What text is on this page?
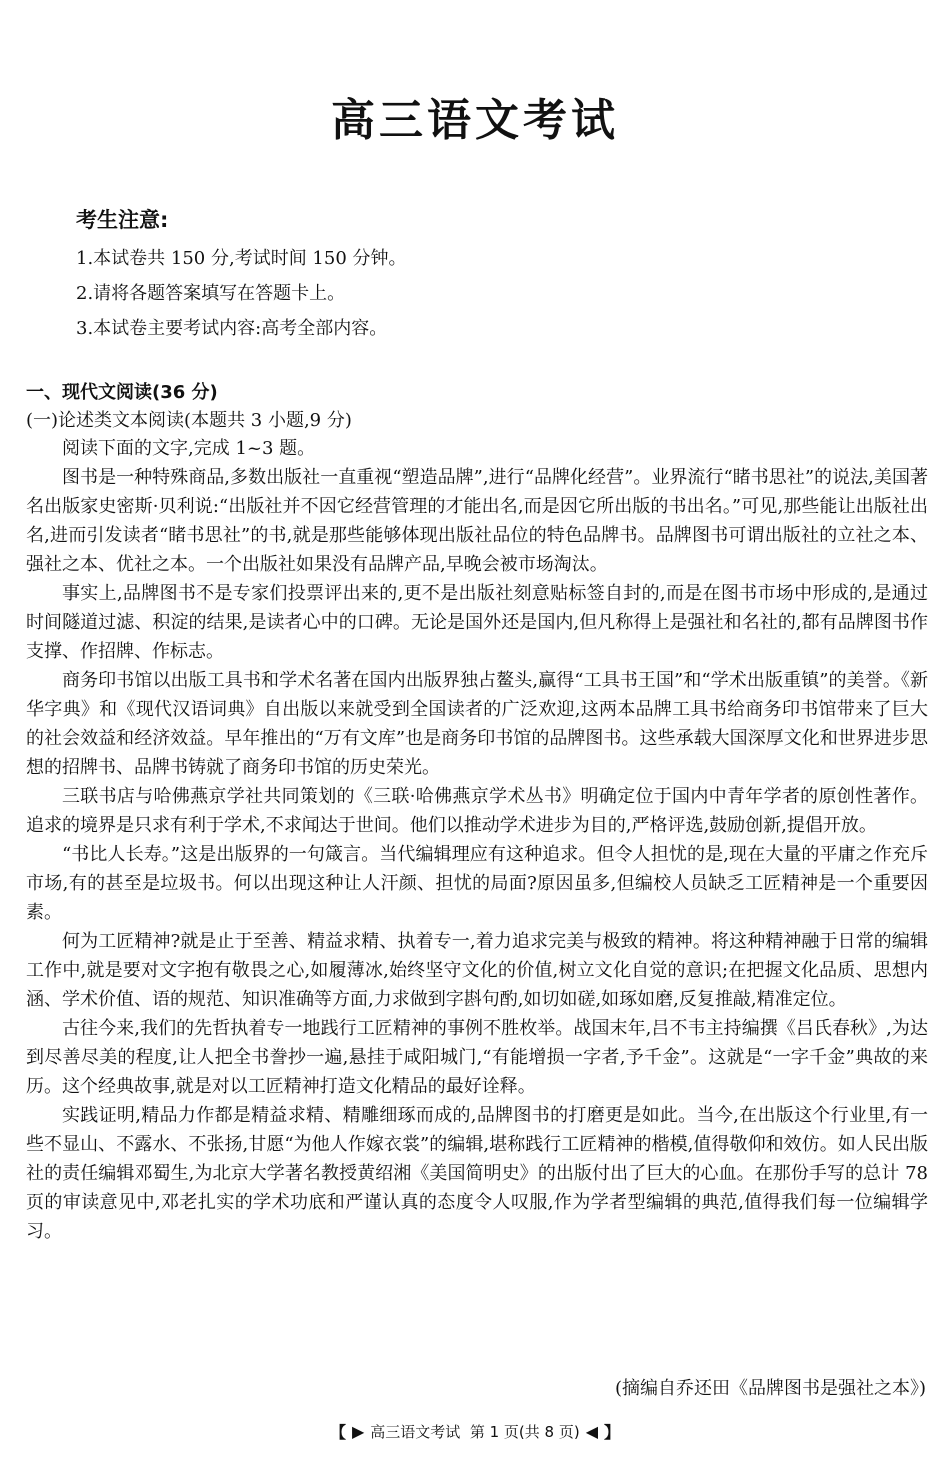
高三语文考试
考生注意:
1.本试卷共 150 分,考试时间 150 分钟。
2.请将各题答案填写在答题卡上。
3.本试卷主要考试内容:高考全部内容。
一、现代文阅读(36 分)
(一)论述类文本阅读(本题共 3 小题,9 分)
阅读下面的文字,完成 1~3 题。

图书是一种特殊商品,多数出版社一直重视“塑造品牌”,进行“品牌化经营”。业界流行“睹书思社”的说法,美国著名出版家史密斯·贝利说:“出版社并不因它经营管理的才能出名,而是因它所出版的书出名。”可见,那些能让出版社出名,进而引发读者“睹书思社”的书,就是那些能够体现出版社品位的特色品牌书。品牌图书可谓出版社的立社之本、强社之本、优社之本。一个出版社如果没有品牌产品,早晚会被市场淘汰。

事实上,品牌图书不是专家们投票评出来的,更不是出版社刻意贴标签自封的,而是在图书市场中形成的,是通过时间隧道过滤、积淀的结果,是读者心中的口碑。无论是国外还是国内,但凡称得上是强社和名社的,都有品牌图书作支撑、作招牌、作标志。

商务印书馆以出版工具书和学术名著在国内出版界独占鳌头,赢得“工具书王国”和“学术出版重镇”的美誉。《新华字典》和《现代汉语词典》自出版以来就受到全国读者的广泛欢迎,这两本品牌工具书给商务印书馆带来了巨大的社会效益和经济效益。早年推出的“万有文库”也是商务印书馆的品牌图书。这些承载大国深厚文化和世界进步思想的招牌书、品牌书铸就了商务印书馆的历史荣光。

三联书店与哈佛燕京学社共同策划的《三联·哈佛燕京学术丛书》明确定位于国内中青年学者的原创性著作。追求的境界是只求有利于学术,不求闻达于世间。他们以推动学术进步为目的,严格评选,鼓励创新,提倡开放。

“书比人长寿。”这是出版界的一句箴言。当代编辑理应有这种追求。但令人担忧的是,现在大量的平庸之作充斥市场,有的甚至是垃圾书。何以出现这种让人汗颜、担忧的局面?原因虽多,但编校人员缺乏工匠精神是一个重要因素。

何为工匠精神?就是止于至善、精益求精、执着专一,着力追求完美与极致的精神。将这种精神融于日常的编辑工作中,就是要对文字抱有敬畏之心,如履薄冰,始终坚守文化的价值,树立文化自觉的意识;在把握文化品质、思想内涵、学术价值、语的规范、知识准确等方面,力求做到字斟句酌,如切如磋,如琢如磨,反复推敲,精准定位。

古往今来,我们的先哲执着专一地践行工匠精神的事例不胜枚举。战国末年,吕不韦主持编撰《吕氏春秋》,为达到尽善尽美的程度,让人把全书誊抄一遍,悬挂于咸阳城门,“有能增损一字者,予千金”。这就是“一字千金”典故的来历。这个经典故事,就是对以工匠精神打造文化精品的最好诠释。

实践证明,精品力作都是精益求精、精雕细琢而成的,品牌图书的打磨更是如此。当今,在出版这个行业里,有一些不显山、不露水、不张扬,甘愿“为他人作嫁衣裳”的编辑,堪称践行工匠精神的楷模,值得敬仰和效仿。如人民出版社的责任编辑邓蜀生,为北京大学著名教授黄绍湘《美国简明史》的出版付出了巨大的心血。在那份手写的总计 78 页的审读意见中,邓老扎实的学术功底和严谨认真的态度令人叹服,作为学者型编辑的典范,值得我们每一位编辑学习。

(摘编自乔还田《品牌图书是强社之本》)
【 ▶ 高三语文考试  第 1 页(共 8 页) ◀ 】
